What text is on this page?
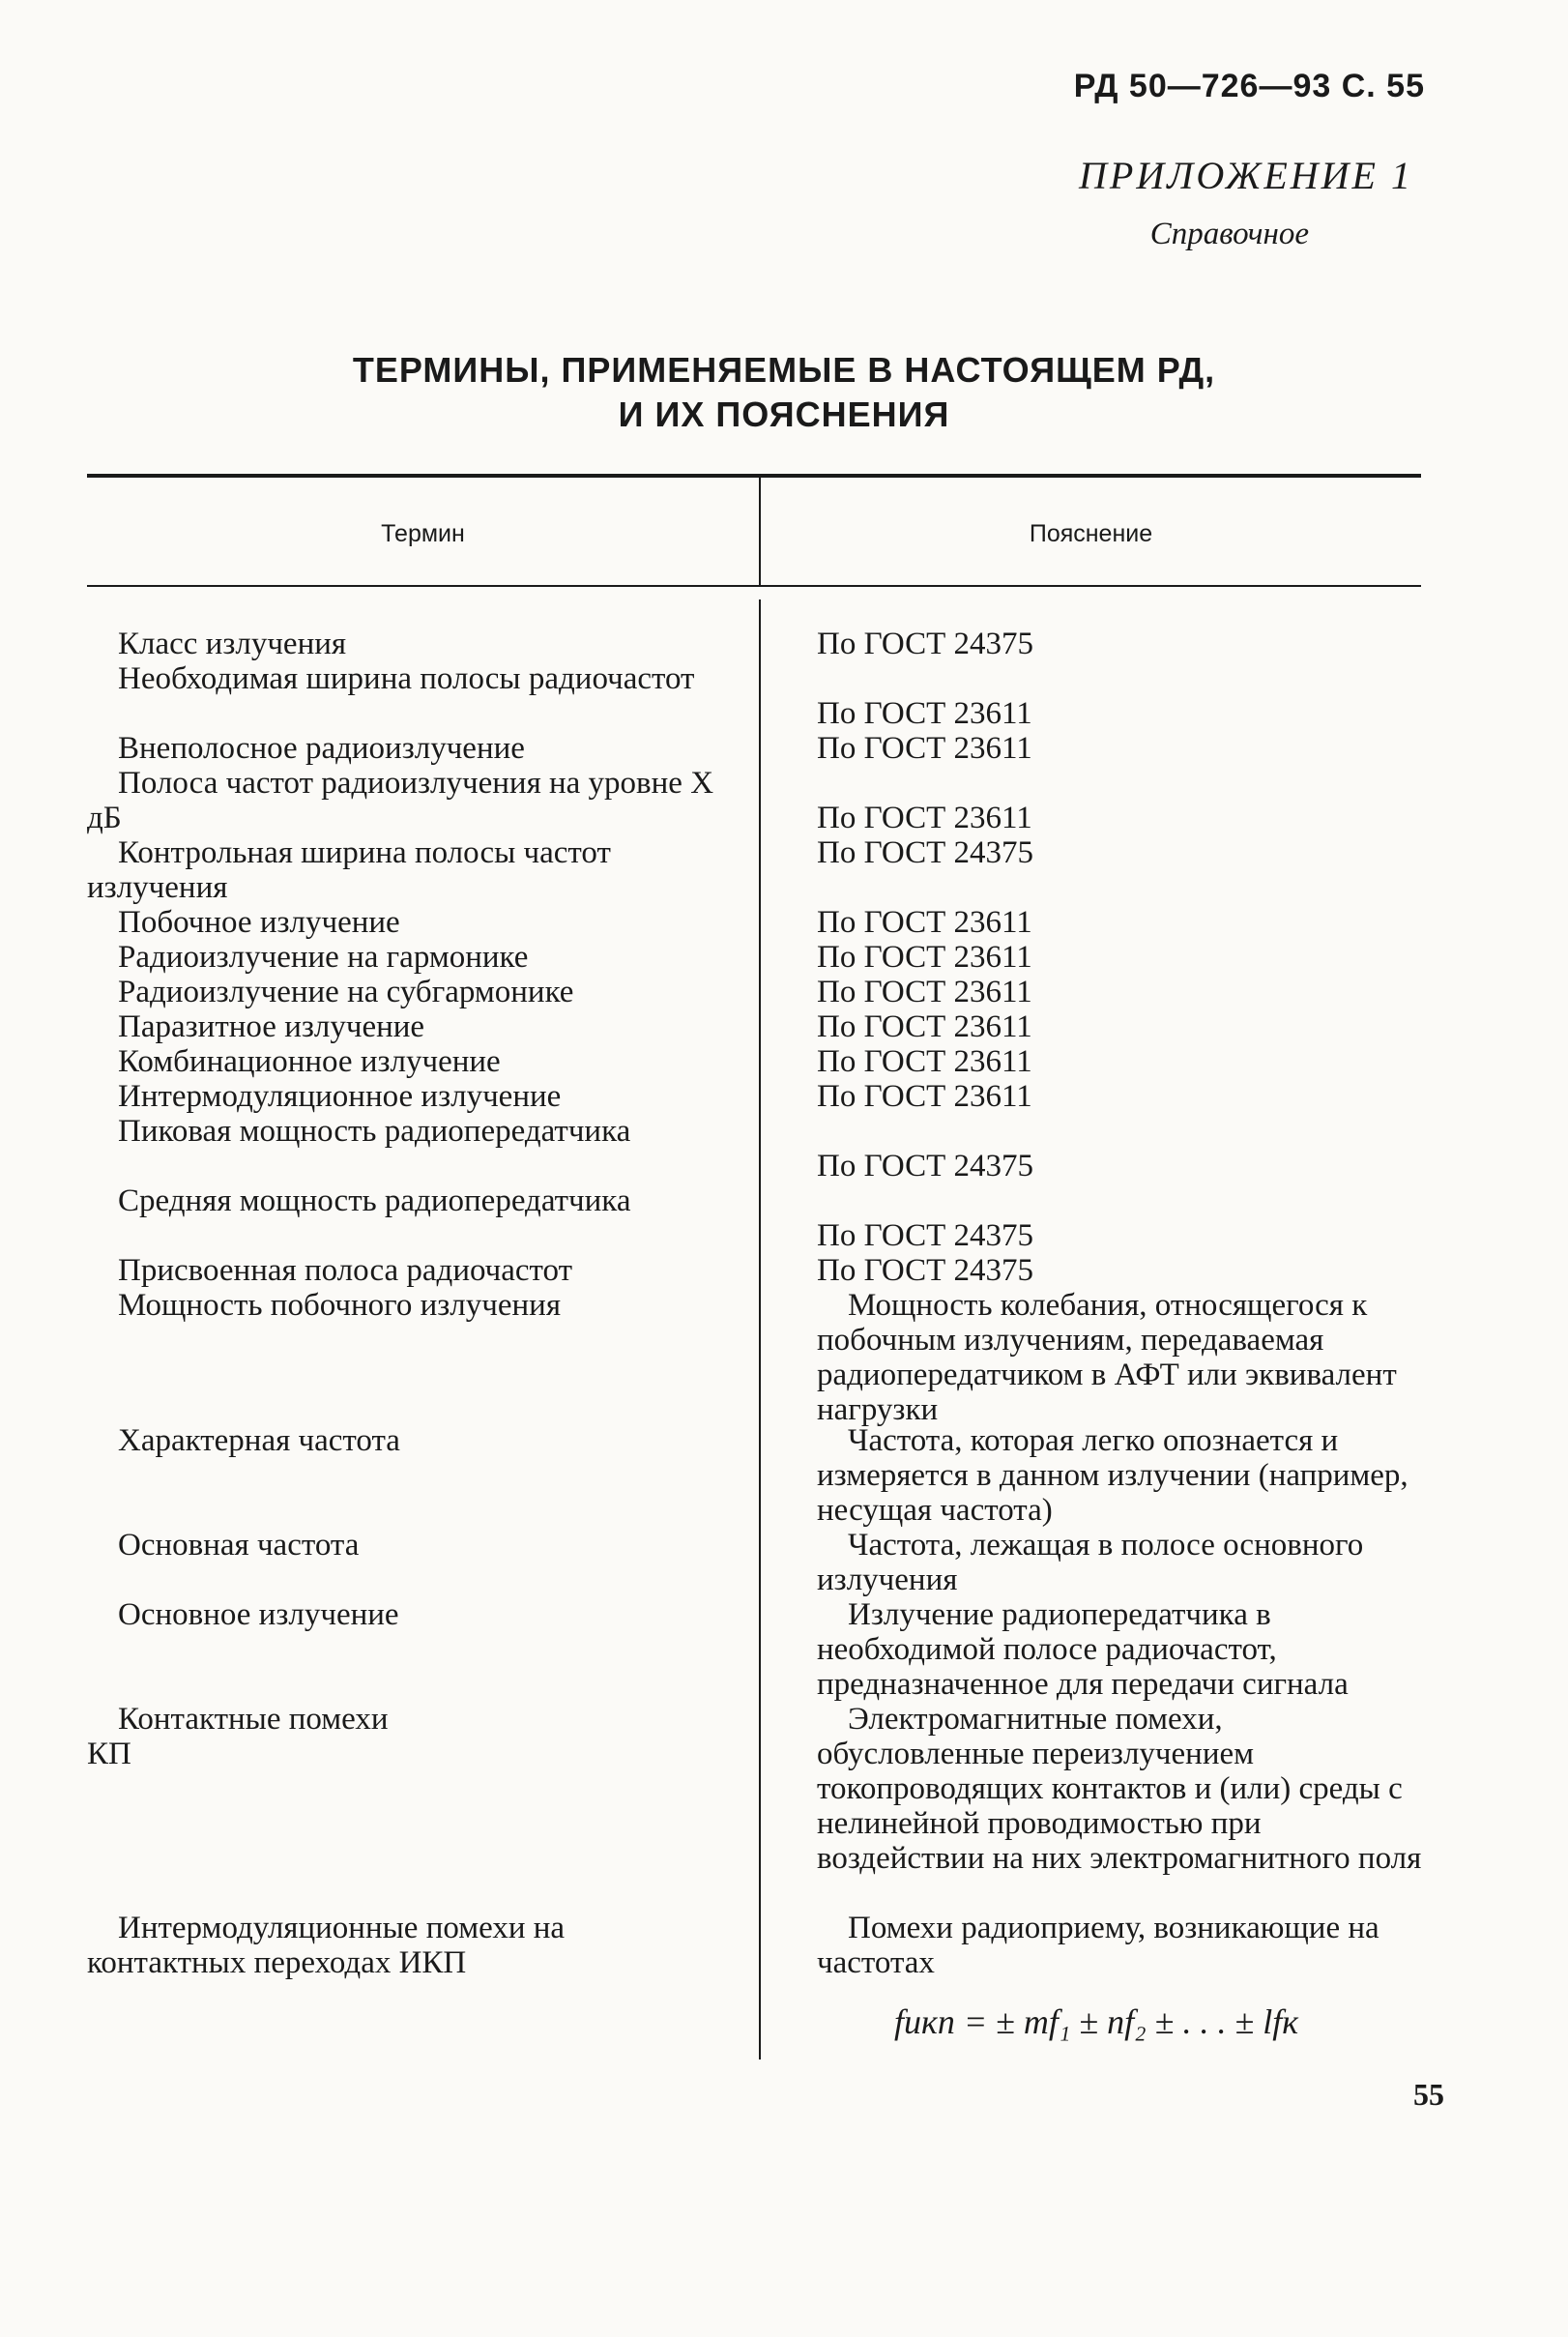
РД 50—726—93 С. 55
ПРИЛОЖЕНИЕ 1
Справочное
ТЕРМИНЫ, ПРИМЕНЯЕМЫЕ В НАСТОЯЩЕМ РД,
И ИХ ПОЯСНЕНИЯ
Термин	Пояснение
Класс излучения
Необходимая ширина полосы радиочастот
Внеполосное радиоизлучение
Полоса частот радиоизлучения на уровне X дБ
Контрольная ширина полосы частот излучения
Побочное излучение
Радиоизлучение на гармонике
Радиоизлучение на субгармонике
Паразитное излучение
Комбинационное излучение
Интермодуляционное излучение
Пиковая мощность радиопередатчика
Средняя мощность радиопередатчика
Присвоенная полоса радиочастот
Мощность побочного излучения
Характерная частота
Основная частота
Основное излучение
Контактные помехи КП
Интермодуляционные помехи на контактных переходах ИКП
По ГОСТ 24375
По ГОСТ 23611
По ГОСТ 23611
По ГОСТ 23611
По ГОСТ 24375
По ГОСТ 23611
По ГОСТ 23611
По ГОСТ 23611
По ГОСТ 23611
По ГОСТ 23611
По ГОСТ 23611
По ГОСТ 24375
По ГОСТ 24375
По ГОСТ 24375
Мощность колебания, относящегося к побочным излучениям, передаваемая радиопередатчиком в АФТ или эквивалент нагрузки
Частота, которая легко опознается и измеряется в данном излучении (например, несущая частота)
Частота, лежащая в полосе основного излучения
Излучение радиопередатчика в необходимой полосе радиочастот, предназначенное для передачи сигнала
Электромагнитные помехи, обусловленные переизлучением токопроводящих контактов и (или) среды с нелинейной проводимостью при воздействии на них электромагнитного поля
Помехи радиоприему, возникающие на частотах
fикп = ± mf₁ ± nf₂ ± . . . ± lfк
55
